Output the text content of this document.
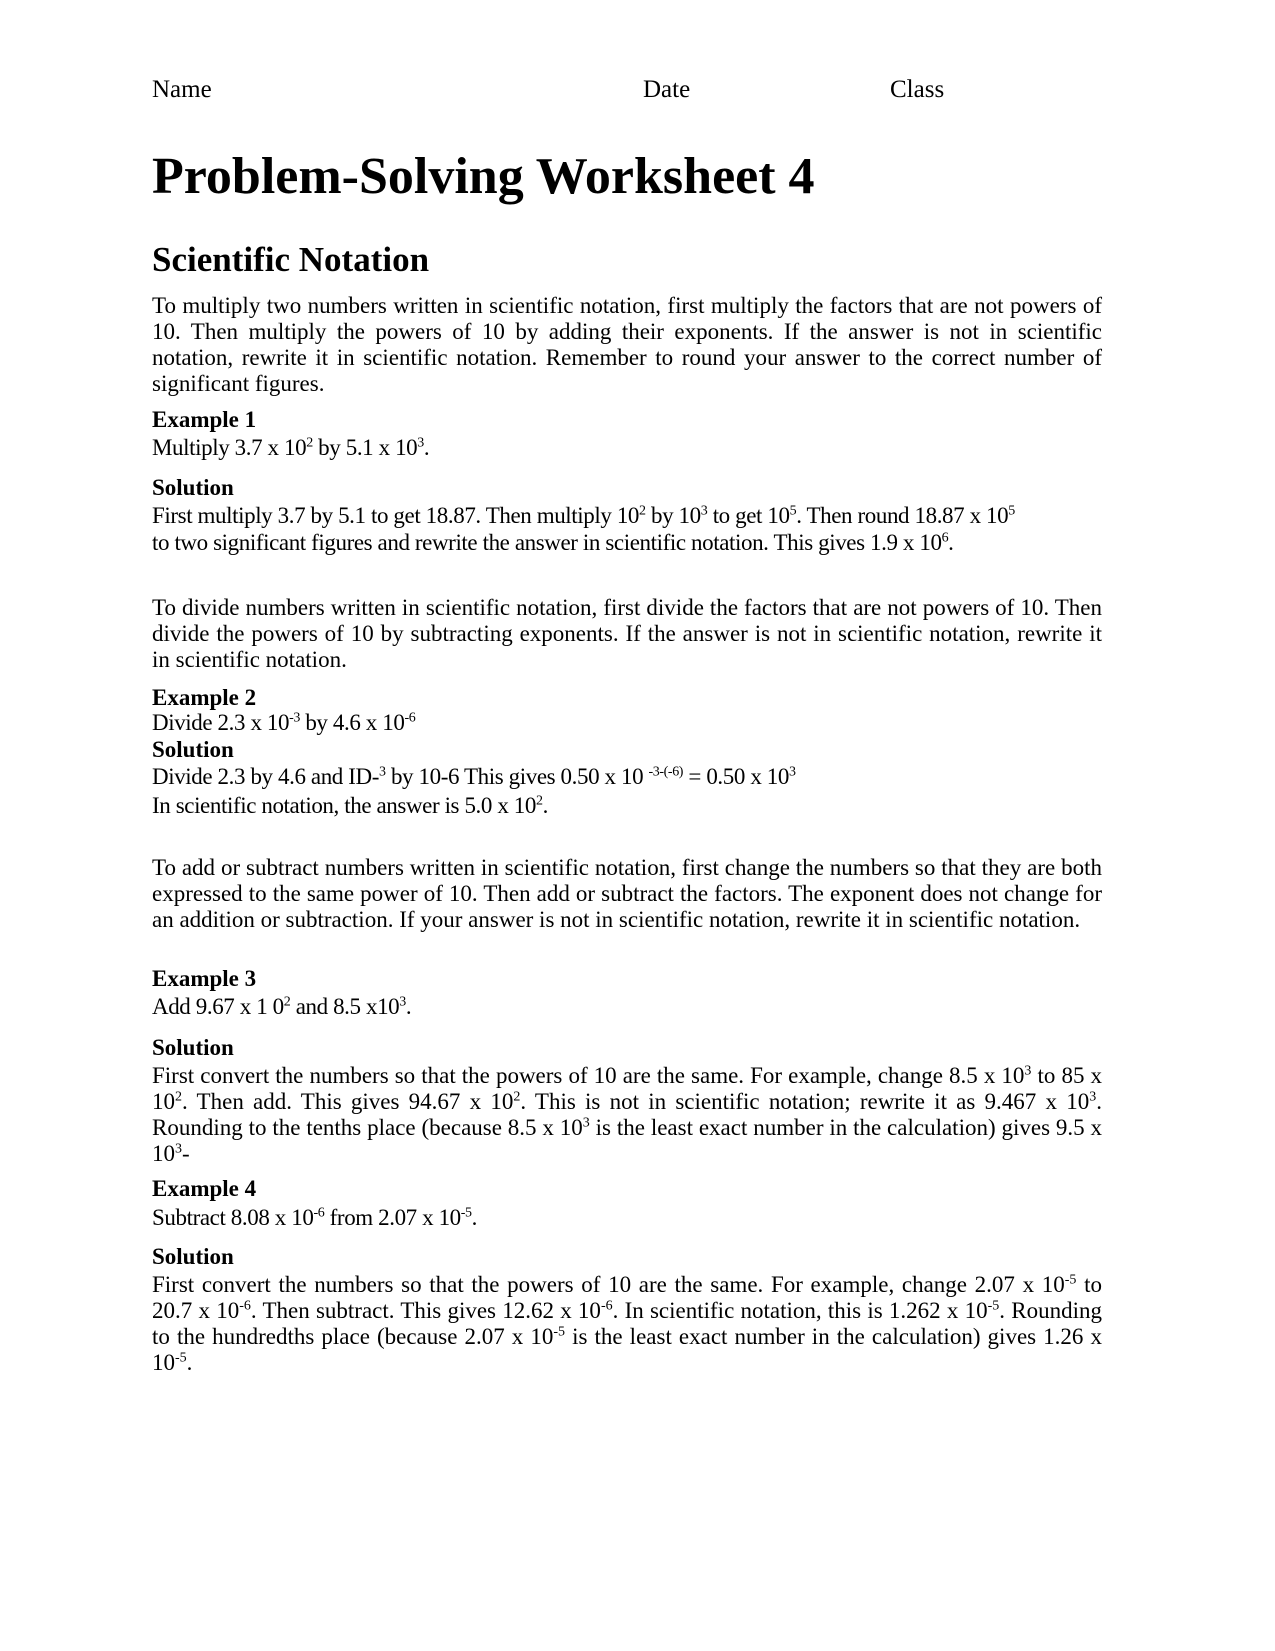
Name	Date	Class
Problem-Solving Worksheet 4
Scientific Notation

To multiply two numbers written in scientific notation, first multiply the factors that are not powers of 10. Then multiply the powers of 10 by adding their exponents. If the answer is not in scientific notation, rewrite it in scientific notation. Remember to round your answer to the correct number of significant figures.

Example 1
Multiply 3.7 x $10^2$ by 5.1 x $10^3$.
Solution
First multiply 3.7 by 5.1 to get 18.87. Then multiply $10^2$ by $10^3$ to get $10^5$. Then round 18.87 x $10^5$
to two significant figures and rewrite the answer in scientific notation. This gives 1.9 x $10^6$.

To divide numbers written in scientific notation, first divide the factors that are not powers of 10. Then divide the powers of 10 by subtracting exponents. If the answer is not in scientific notation, rewrite it in scientific notation.

Example 2
Divide 2.3 x $10^{-3}$ by 4.6 x $10^{-6}$
Solution
Divide 2.3 by 4.6 and ID-$^3$ by 10-6 This gives 0.50 x 10 $^{-3-(-6)}$ = 0.50 x $10^3$
In scientific notation, the answer is 5.0 x $10^2$.

To add or subtract numbers written in scientific notation, first change the numbers so that they are both expressed to the same power of 10. Then add or subtract the factors. The exponent does not change for an addition or subtraction. If your answer is not in scientific notation, rewrite it in scientific notation.

Example 3
Add 9.67 x 1 $0^2$ and 8.5 $x10^3$.
Solution

First convert the numbers so that the powers of 10 are the same. For example, change 8.5 x $10^3$ to 85 x $10^2$. Then add. This gives 94.67 x $10^2$. This is not in scientific notation; rewrite it as 9.467 x $10^3$. Rounding to the tenths place (because 8.5 x $10^3$ is the least exact number in the calculation) gives 9.5 x $10^3-$

Example 4
Subtract 8.08 x $10^{-6}$ from 2.07 x $10^{-5}$.
Solution

First convert the numbers so that the powers of 10 are the same. For example, change 2.07 x $10^{-5}$ to 20.7 x $10^{-6}$. Then subtract. This gives 12.62 x $10^{-6}$. In scientific notation, this is 1.262 x $10^{-5}$. Rounding to the hundredths place (because 2.07 x $10^{-5}$ is the least exact number in the calculation) gives 1.26 x $10^{-5}$.
